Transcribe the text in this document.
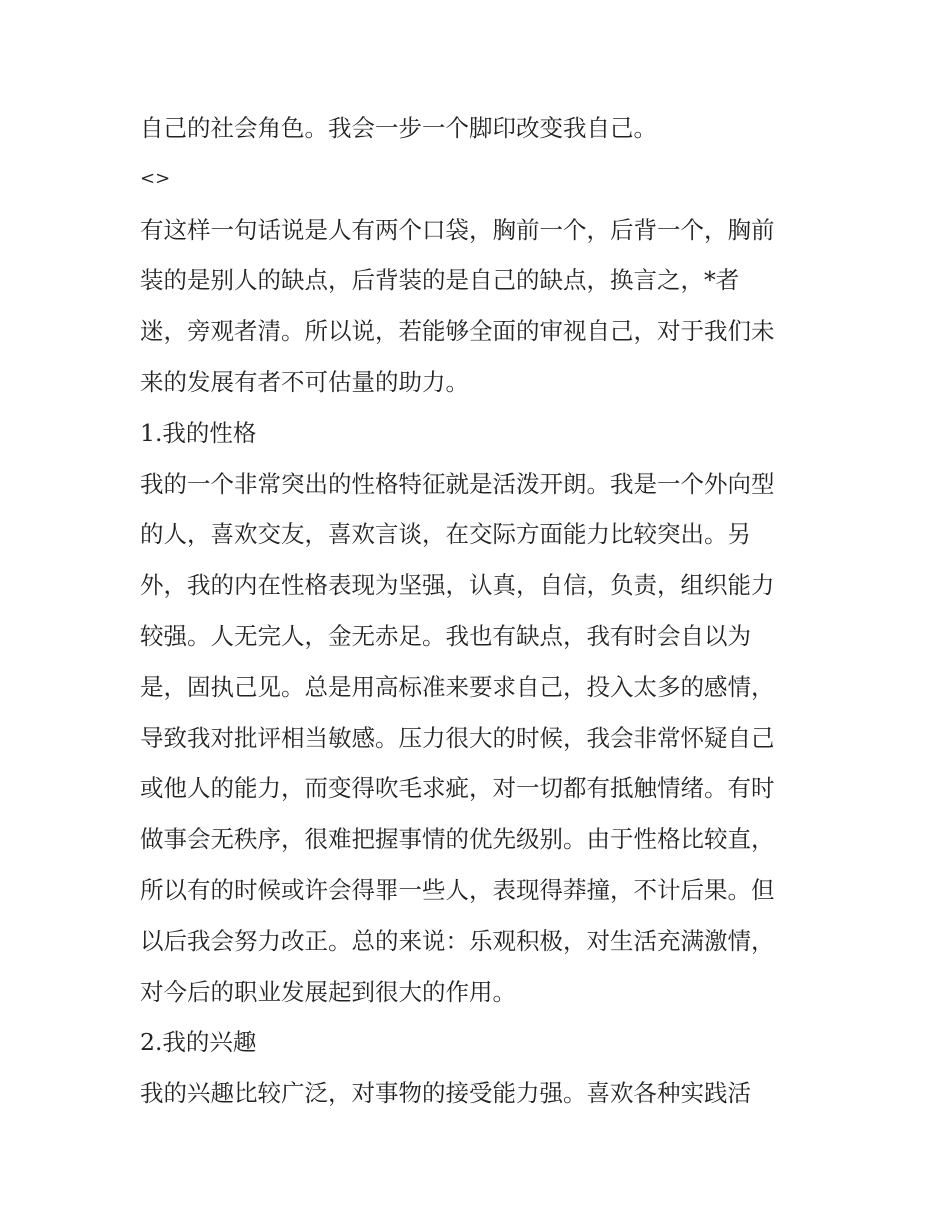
自己的社会角色。我会一步一个脚印改变我自己。
<>
有这样一句话说是人有两个口袋，胸前一个，后背一个，胸前
装的是别人的缺点，后背装的是自己的缺点，换言之，*者
迷，旁观者清。所以说，若能够全面的审视自己，对于我们未
来的发展有者不可估量的助力。
1.我的性格
我的一个非常突出的性格特征就是活泼开朗。我是一个外向型
的人，喜欢交友，喜欢言谈，在交际方面能力比较突出。另
外，我的内在性格表现为坚强，认真，自信，负责，组织能力
较强。人无完人，金无赤足。我也有缺点，我有时会自以为
是，固执己见。总是用高标准来要求自己，投入太多的感情，
导致我对批评相当敏感。压力很大的时候，我会非常怀疑自己
或他人的能力，而变得吹毛求疵，对一切都有抵触情绪。有时
做事会无秩序，很难把握事情的优先级别。由于性格比较直，
所以有的时候或许会得罪一些人，表现得莽撞，不计后果。但
以后我会努力改正。总的来说：乐观积极，对生活充满激情，
对今后的职业发展起到很大的作用。
2.我的兴趣
我的兴趣比较广泛，对事物的接受能力强。喜欢各种实践活
